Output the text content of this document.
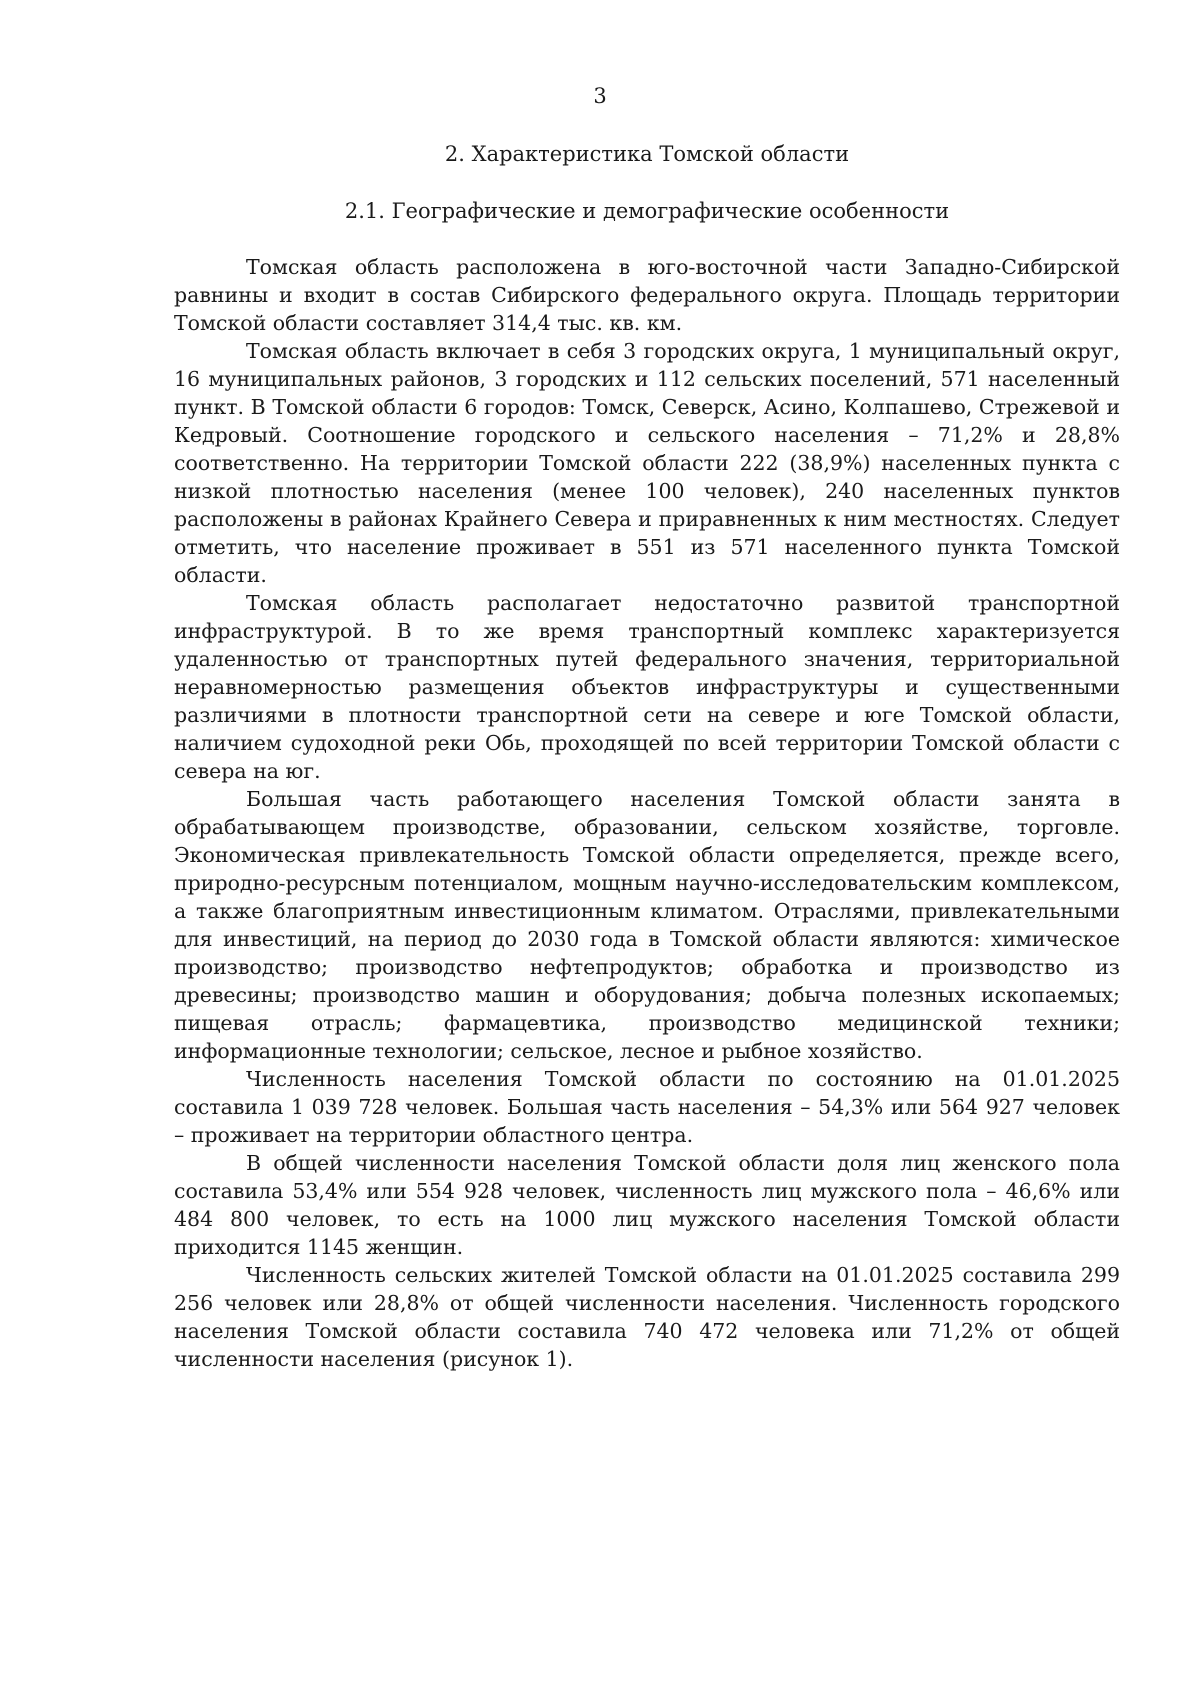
3
2. Характеристика Томской области
2.1. Географические и демографические особенности

Томская область расположена в юго-восточной части Западно-Сибирской равнины и входит в состав Сибирского федерального округа. Площадь территории Томской области составляет 314,4 тыс. кв. км.

Томская область включает в себя 3 городских округа, 1 муниципальный округ, 16 муниципальных районов, 3 городских и 112 сельских поселений, 571 населенный пункт. В Томской области 6 городов: Томск, Северск, Асино, Колпашево, Стрежевой и Кедровый. Соотношение городского и сельского населения – 71,2% и 28,8% соответственно. На территории Томской области 222 (38,9%) населенных пункта с низкой плотностью населения (менее 100 человек), 240 населенных пунктов расположены в районах Крайнего Севера и приравненных к ним местностях. Следует отметить, что население проживает в 551 из 571 населенного пункта Томской области.

Томская область располагает недостаточно развитой транспортной инфраструктурой. В то же время транспортный комплекс характеризуется удаленностью от транспортных путей федерального значения, территориальной неравномерностью размещения объектов инфраструктуры и существенными различиями в плотности транспортной сети на севере и юге Томской области, наличием судоходной реки Обь, проходящей по всей территории Томской области с севера на юг.

Большая часть работающего населения Томской области занята в обрабатывающем производстве, образовании, сельском хозяйстве, торговле. Экономическая привлекательность Томской области определяется, прежде всего, природно-ресурсным потенциалом, мощным научно-исследовательским комплексом, а также благоприятным инвестиционным климатом. Отраслями, привлекательными для инвестиций, на период до 2030 года в Томской области являются: химическое производство; производство нефтепродуктов; обработка и производство из древесины; производство машин и оборудования; добыча полезных ископаемых; пищевая отрасль; фармацевтика, производство медицинской техники; информационные технологии; сельское, лесное и рыбное хозяйство.

Численность населения Томской области по состоянию на 01.01.2025 составила 1 039 728 человек. Большая часть населения – 54,3% или 564 927 человек – проживает на территории областного центра.

В общей численности населения Томской области доля лиц женского пола составила 53,4% или 554 928 человек, численность лиц мужского пола – 46,6% или 484 800 человек, то есть на 1000 лиц мужского населения Томской области приходится 1145 женщин.

Численность сельских жителей Томской области на 01.01.2025 составила 299 256 человек или 28,8% от общей численности населения. Численность городского населения Томской области составила 740 472 человека или 71,2% от общей численности населения (рисунок 1).
